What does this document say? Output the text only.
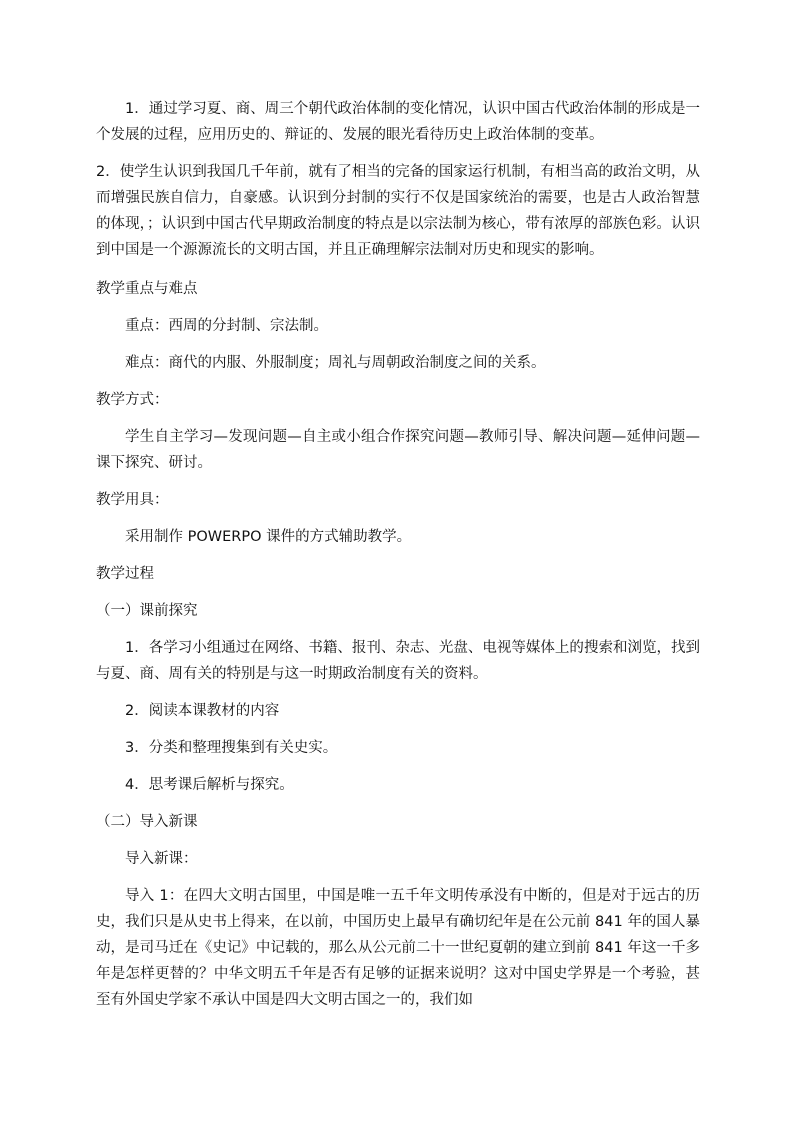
1．通过学习夏、商、周三个朝代政治体制的变化情况，认识中国古代政治体制的形成是一个发展的过程，应用历史的、辩证的、发展的眼光看待历史上政治体制的变革。

2．使学生认识到我国几千年前，就有了相当的完备的国家运行机制，有相当高的政治文明，从而增强民族自信力，自豪感。认识到分封制的实行不仅是国家统治的需要，也是古人政治智慧的体现，；认识到中国古代早期政治制度的特点是以宗法制为核心，带有浓厚的部族色彩。认识到中国是一个源源流长的文明古国，并且正确理解宗法制对历史和现实的影响。

教学重点与难点

重点：西周的分封制、宗法制。

难点：商代的内服、外服制度；周礼与周朝政治制度之间的关系。

教学方式：

学生自主学习—发现问题—自主或小组合作探究问题—教师引导、解决问题—延伸问题—课下探究、研讨。

教学用具：

采用制作 POWERPO 课件的方式辅助教学。

教学过程

（一）课前探究

1．各学习小组通过在网络、书籍、报刊、杂志、光盘、电视等媒体上的搜索和浏览，找到与夏、商、周有关的特别是与这一时期政治制度有关的资料。

2．阅读本课教材的内容

3．分类和整理搜集到有关史实。

4．思考课后解析与探究。

（二）导入新课

导入新课：

导入 1：在四大文明古国里，中国是唯一五千年文明传承没有中断的，但是对于远古的历史，我们只是从史书上得来，在以前，中国历史上最早有确切纪年是在公元前 841 年的国人暴动，是司马迁在《史记》中记载的，那么从公元前二十一世纪夏朝的建立到前 841 年这一千多年是怎样更替的？中华文明五千年是否有足够的证据来说明？这对中国史学界是一个考验，甚至有外国史学家不承认中国是四大文明古国之一的，我们如
